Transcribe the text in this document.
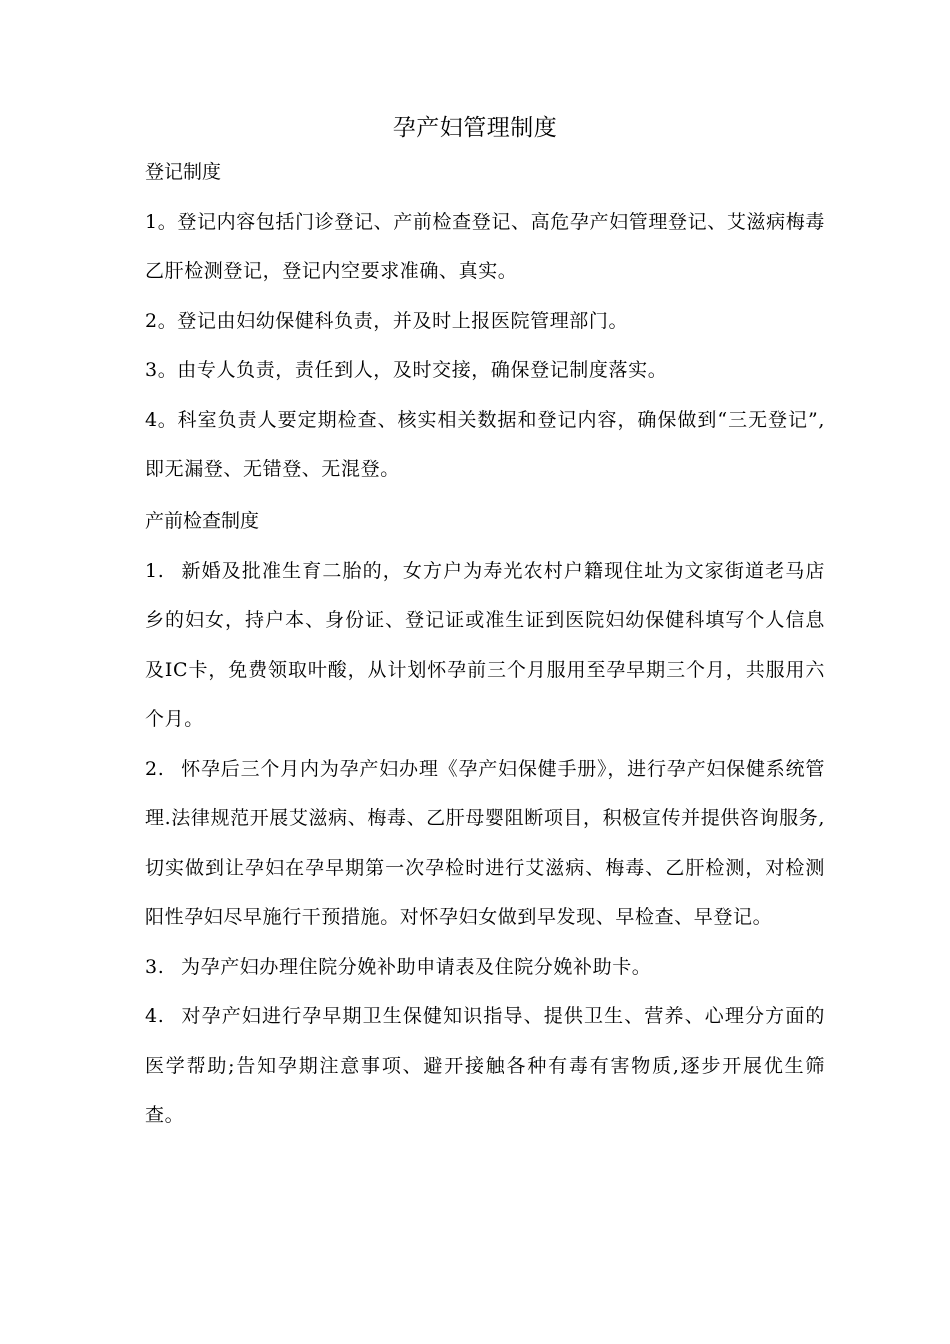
孕产妇管理制度

登记制度

1。登记内容包括门诊登记、产前检查登记、高危孕产妇管理登记、艾滋病梅毒乙肝检测登记，登记内空要求准确、真实。

2。登记由妇幼保健科负责，并及时上报医院管理部门。

3。由专人负责，责任到人，及时交接，确保登记制度落实。

4。科室负责人要定期检查、核实相关数据和登记内容，确保做到“三无登记”,即无漏登、无错登、无混登。

产前检查制度

1. 新婚及批准生育二胎的，女方户为寿光农村户籍现住址为文家街道老马店乡的妇女，持户本、身份证、登记证或准生证到医院妇幼保健科填写个人信息及IC卡，免费领取叶酸，从计划怀孕前三个月服用至孕早期三个月，共服用六个月。

2. 怀孕后三个月内为孕产妇办理《孕产妇保健手册》，进行孕产妇保健系统管理.法律规范开展艾滋病、梅毒、乙肝母婴阻断项目，积极宣传并提供咨询服务,切实做到让孕妇在孕早期第一次孕检时进行艾滋病、梅毒、乙肝检测，对检测阳性孕妇尽早施行干预措施。对怀孕妇女做到早发现、早检查、早登记。

3. 为孕产妇办理住院分娩补助申请表及住院分娩补助卡。

4. 对孕产妇进行孕早期卫生保健知识指导、提供卫生、营养、心理分方面的医学帮助;告知孕期注意事项、避开接触各种有毒有害物质,逐步开展优生筛查。
